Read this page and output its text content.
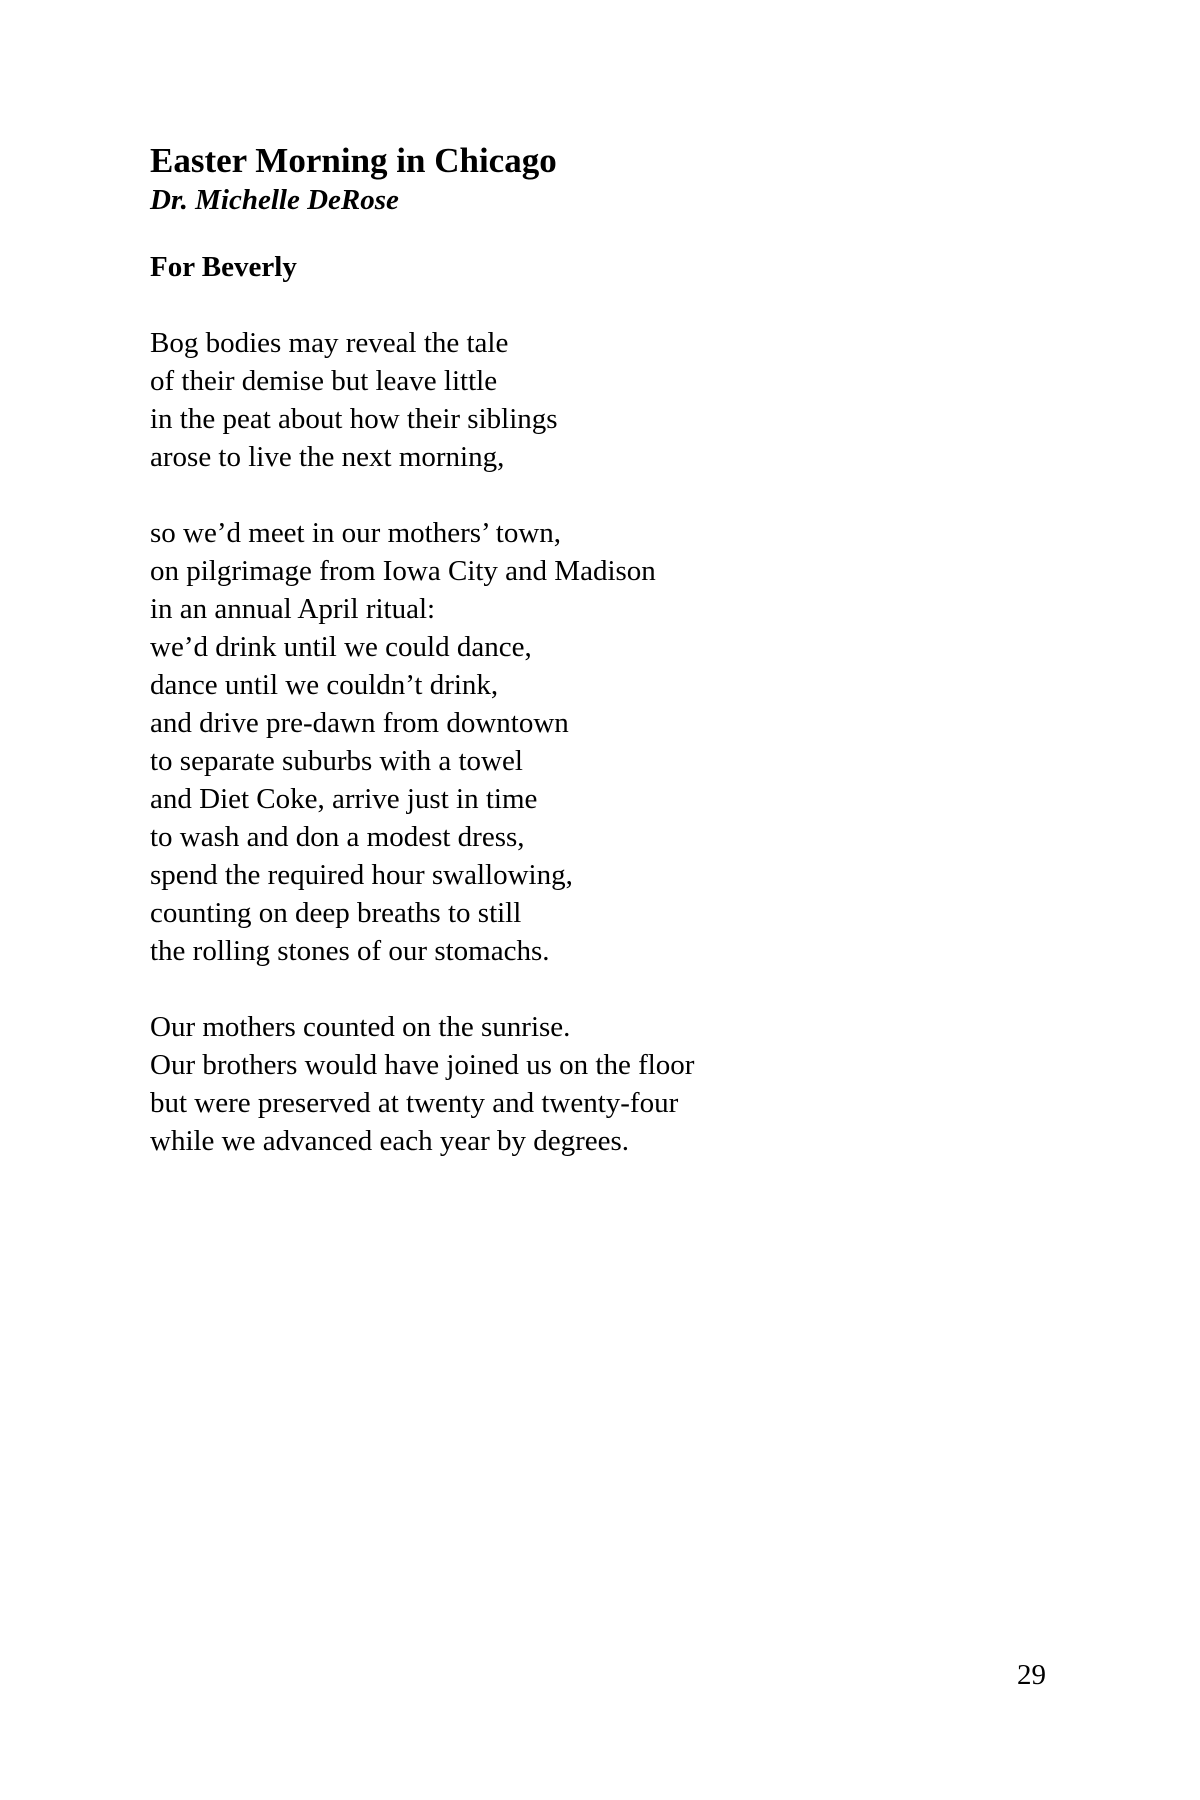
Easter Morning in Chicago
Dr. Michelle DeRose
For Beverly
Bog bodies may reveal the tale
of their demise but leave little
in the peat about how their siblings
arose to live the next morning,
so we’d meet in our mothers’ town,
on pilgrimage from Iowa City and Madison
in an annual April ritual:
we’d drink until we could dance,
dance until we couldn’t drink,
and drive pre-dawn from downtown
to separate suburbs with a towel
and Diet Coke, arrive just in time
to wash and don a modest dress,
spend the required hour swallowing,
counting on deep breaths to still
the rolling stones of our stomachs.
Our mothers counted on the sunrise.
Our brothers would have joined us on the floor
but were preserved at twenty and twenty-four
while we advanced each year by degrees.
29
